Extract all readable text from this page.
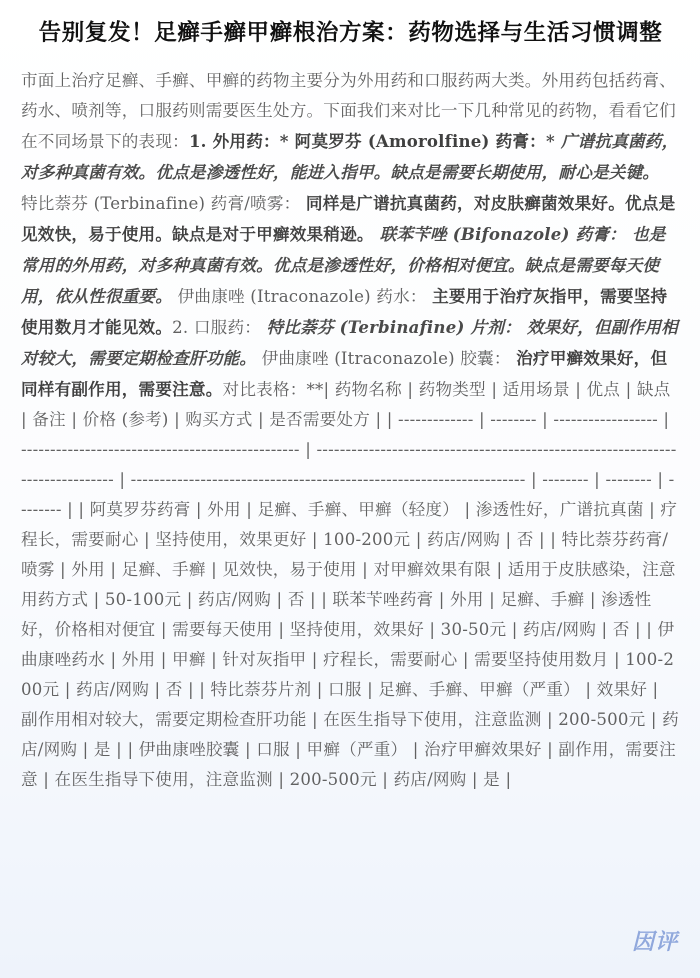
告别复发！足癣手癣甲癣根治方案：药物选择与生活习惯调整
市面上治疗足癣、手癣、甲癣的药物主要分为外用药和口服药两大类。外用药包括药膏、药水、喷剂等，口服药则需要医生处方。下面我们来对比一下几种常见的药物，看看它们在不同场景下的表现：1. 外用药：* 阿莫罗芬 (Amorolfine) 药膏：* 广谱抗真菌药，对多种真菌有效。优点是渗透性好，能进入指甲。缺点是需要长期使用，耐心是关键。 特比萘芬 (Terbinafine) 药膏/喷雾： 同样是广谱抗真菌药，对皮肤癣菌效果好。优点是见效快，易于使用。缺点是对于甲癣效果稍逊。 联苯苄唑 (Bifonazole) 药膏： 也是常用的外用药，对多种真菌有效。优点是渗透性好，价格相对便宜。缺点是需要每天使用，依从性很重要。 伊曲康唑 (Itraconazole) 药水： 主要用于治疗灰指甲，需要坚持使用数月才能见效。2. 口服药： 特比萘芬 (Terbinafine) 片剂： 效果好，但副作用相对较大，需要定期检查肝功能。 伊曲康唑 (Itraconazole) 胶囊： 治疗甲癣效果好，但同样有副作用，需要注意。对比表格：**| 药物名称 | 药物类型 | 适用场景 | 优点 | 缺点 | 备注 | 价格 (参考) | 购买方式 | 是否需要处方 | | ------------- | -------- | ------------------ | ------------------------------------------------ | ------------------------------------------------------------------------------ | -------------------------------------------------------------------- | -------- | -------- | -------- | | 阿莫罗芬药膏 | 外用 | 足癣、手癣、甲癣（轻度） | 渗透性好，广谱抗真菌 | 疗程长，需要耐心 | 坚持使用，效果更好 | 100-200元 | 药店/网购 | 否 | | 特比萘芬药膏/喷雾 | 外用 | 足癣、手癣 | 见效快，易于使用 | 对甲癣效果有限 | 适用于皮肤感染，注意用药方式 | 50-100元 | 药店/网购 | 否 | | 联苯苄唑药膏 | 外用 | 足癣、手癣 | 渗透性好，价格相对便宜 | 需要每天使用 | 坚持使用，效果好 | 30-50元 | 药店/网购 | 否 | | 伊曲康唑药水 | 外用 | 甲癣 | 针对灰指甲 | 疗程长，需要耐心 | 需要坚持使用数月 | 100-200元 | 药店/网购 | 否 | | 特比萘芬片剂 | 口服 | 足癣、手癣、甲癣（严重） | 效果好 | 副作用相对较大，需要定期检查肝功能 | 在医生指导下使用，注意监测 | 200-500元 | 药店/网购 | 是 | | 伊曲康唑胶囊 | 口服 | 甲癣（严重） | 治疗甲癣效果好 | 副作用，需要注意 | 在医生指导下使用，注意监测 | 200-500元 | 药店/网购 | 是 |
因评
